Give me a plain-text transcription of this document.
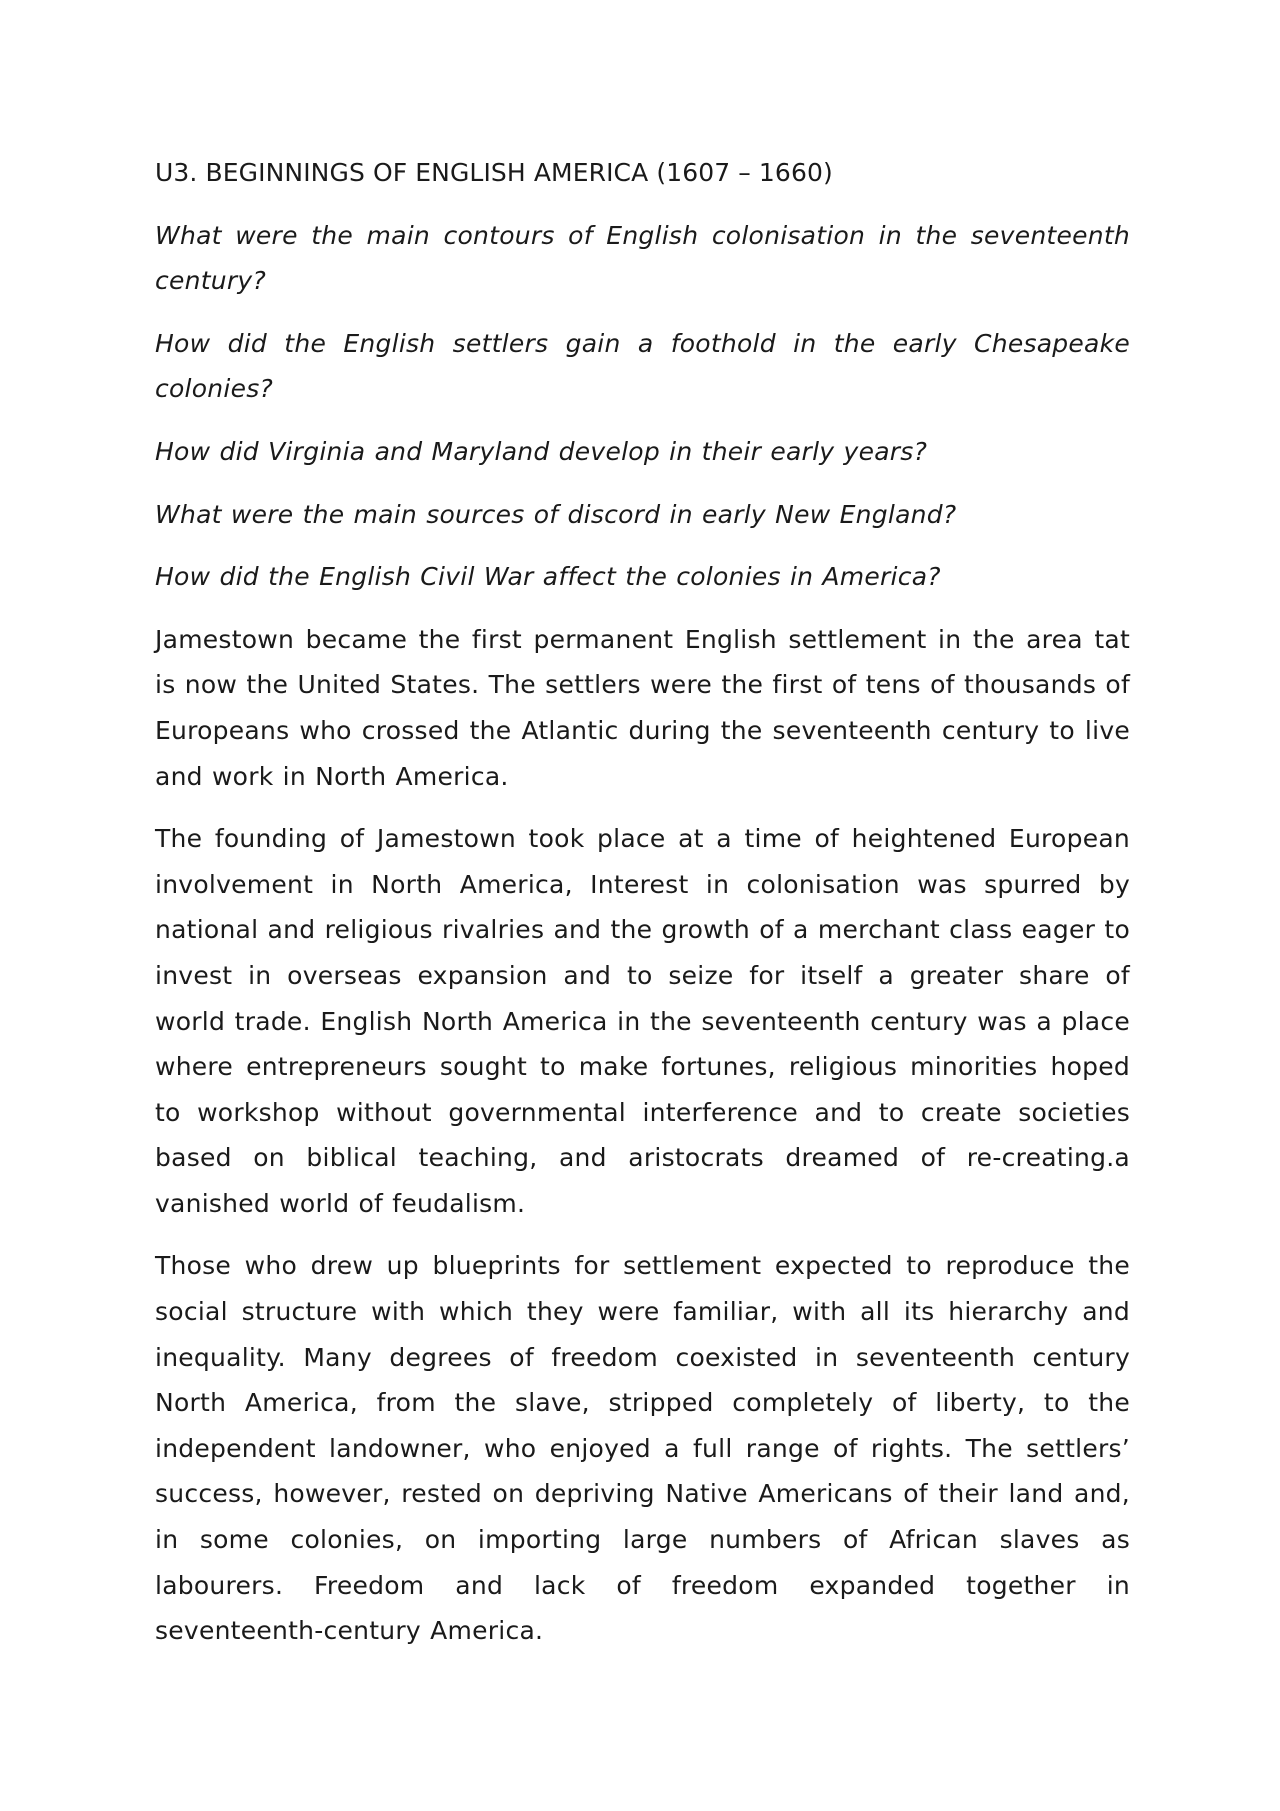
U3. BEGINNINGS OF ENGLISH AMERICA (1607 – 1660)

What were the main contours of English colonisation in the seventeenth century?

How did the English settlers gain a foothold in the early Chesapeake colonies?

How did Virginia and Maryland develop in their early years?

What were the main sources of discord in early New England?

How did the English Civil War affect the colonies in America?

Jamestown became the first permanent English settlement in the area tat is now the United States. The settlers were the first of tens of thousands of Europeans who crossed the Atlantic during the seventeenth century to live and work in North America.

The founding of Jamestown took place at a time of heightened European involvement in North America, Interest in colonisation was spurred by national and religious rivalries and the growth of a merchant class eager to invest in overseas expansion and to seize for itself a greater share of world trade. English North America in the seventeenth century was a place where entrepreneurs sought to make fortunes, religious minorities hoped to workshop without governmental interference and to create societies based on biblical teaching, and aristocrats dreamed of re-creating.a vanished world of feudalism.

Those who drew up blueprints for settlement expected to reproduce the social structure with which they were familiar, with all its hierarchy and inequality. Many degrees of freedom coexisted in seventeenth century North America, from the slave, stripped completely of liberty, to the independent landowner, who enjoyed a full range of rights. The settlers’ success, however, rested on depriving Native Americans of their land and, in some colonies, on importing large numbers of African slaves as labourers. Freedom and lack of freedom expanded together in seventeenth-century America.
